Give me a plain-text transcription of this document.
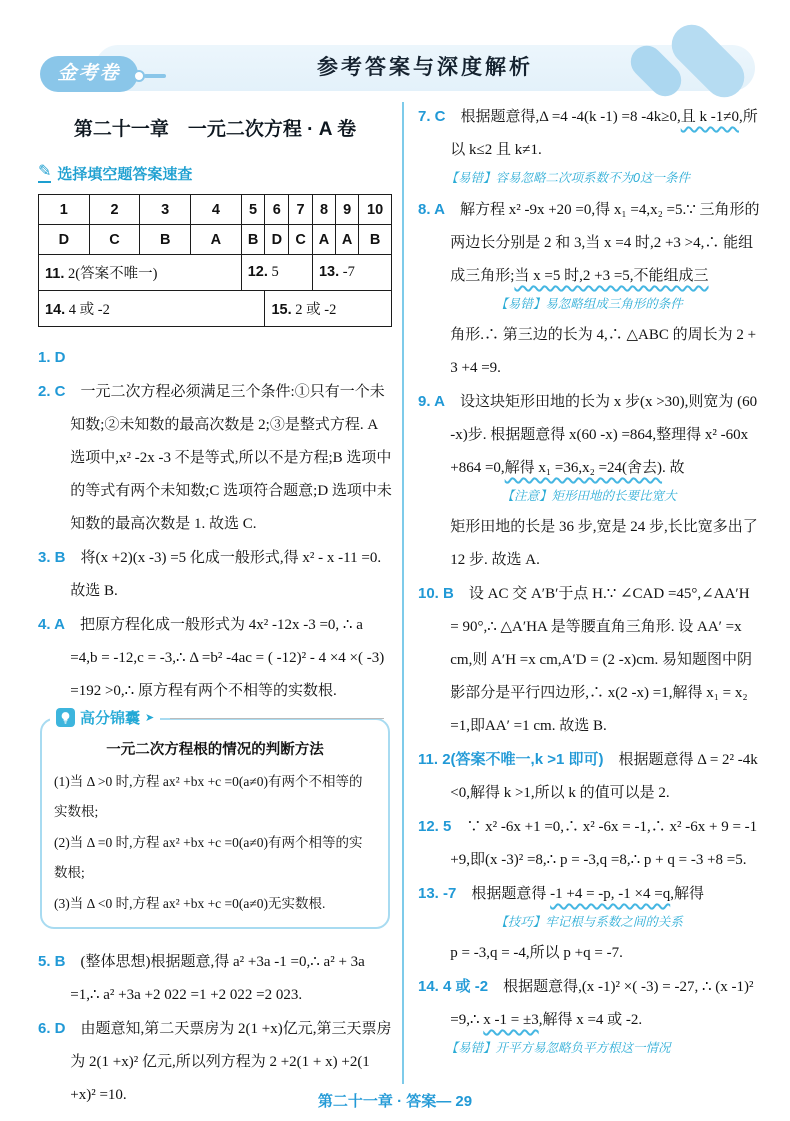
参考答案与深度解析
金考卷
第二十一章　一元二次方程 · A 卷
✎
选择填空题答案速查
1	2	3	4	5	6	7	8	9	10
D	C	B	A	B	D	C	A	A	B
11. 2(答案不唯一)				12. 5			13. -7		
14. 4 或 -2					15. 2 或 -2				

1. D

2. C　 一元二次方程必须满足三个条件:①只有一个未知数;②未知数的最高次数是 2;③是整式方程. A 选项中,x² -2x -3 不是等式,所以不是方程;B 选项中的等式有两个未知数;C 选项符合题意;D 选项中未知数的最高次数是 1. 故选 C.

3. B　 将(x +2)(x -3) =5 化成一般形式,得 x² - x -11 =0. 故选 B.

4. A　 把原方程化成一般形式为 4x² -12x -3 =0, ∴ a =4,b = -12,c = -3,∴ Δ =b² -4ac = ( -12)² - 4 ×4 ×( -3) =192 >0,∴ 原方程有两个不相等的实数根.

高分锦囊
➤
一元二次方程根的情况的判断方法

(1)当 Δ >0 时,方程 ax² +bx +c =0(a≠0)有两个不相等的实数根;

(2)当 Δ =0 时,方程 ax² +bx +c =0(a≠0)有两个相等的实数根;

(3)当 Δ <0 时,方程 ax² +bx +c =0(a≠0)无实数根.

5. B　 (整体思想)根据题意,得 a² +3a -1 =0,∴ a² + 3a =1,∴ a² +3a +2 022 =1 +2 022 =2 023.

6. D　 由题意知,第二天票房为 2(1 +x)亿元,第三天票房为 2(1 +x)² 亿元,所以列方程为 2 +2(1 + x) +2(1 +x)² =10.

7. C　 根据题意得,Δ =4 -4(k -1) =8 -4k≥0,且 k -1≠0,所以 k≤2 且 k≠1.

【易错】容易忽略二次项系数不为0这一条件

8. A　 解方程 x² -9x +20 =0,得 x₁ =4,x₂ =5.∵ 三角形的两边长分别是 2 和 3,当 x =4 时,2 +3 >4,∴ 能组成三角形;当 x =5 时,2 +3 =5,不能组成三

【易错】易忽略组成三角形的条件

角形.∴ 第三边的长为 4,∴ △ABC 的周长为 2 + 3 +4 =9.

9. A　 设这块矩形田地的长为 x 步(x >30),则宽为 (60 -x)步. 根据题意得 x(60 -x) =864,整理得 x² -60x +864 =0,解得 x₁ =36,x₂ =24(舍去). 故

【注意】矩形田地的长要比宽大

矩形田地的长是 36 步,宽是 24 步,长比宽多出了 12 步. 故选 A.

10. B　 设 AC 交 A′B′于点 H.∵ ∠CAD =45°,∠AA′H = 90°,∴ △A′HA 是等腰直角三角形. 设 AA′ =x cm,则 A′H =x cm,A′D = (2 -x)cm. 易知题图中阴影部分是平行四边形,∴ x(2 -x) =1,解得 x₁ = x₂ =1,即AA′ =1 cm. 故选 B.

11. 2(答案不唯一,k >1 即可)　 根据题意得 Δ = 2² -4k <0,解得 k >1,所以 k 的值可以是 2.

12. 5　 ∵ x² -6x +1 =0,∴ x² -6x = -1,∴ x² -6x + 9 = -1 +9,即(x -3)² =8,∴ p = -3,q =8,∴ p + q = -3 +8 =5.

13. -7　 根据题意得 -1 +4 = -p, -1 ×4 =q,解得

【技巧】牢记根与系数之间的关系

p = -3,q = -4,所以 p +q = -7.

14. 4 或 -2　 根据题意得,(x -1)² ×( -3) = -27, ∴ (x -1)² =9,∴ x -1 = ±3,解得 x =4 或 -2.

【易错】开平方易忽略负平方根这一情况

第二十一章 · 答案— 29
